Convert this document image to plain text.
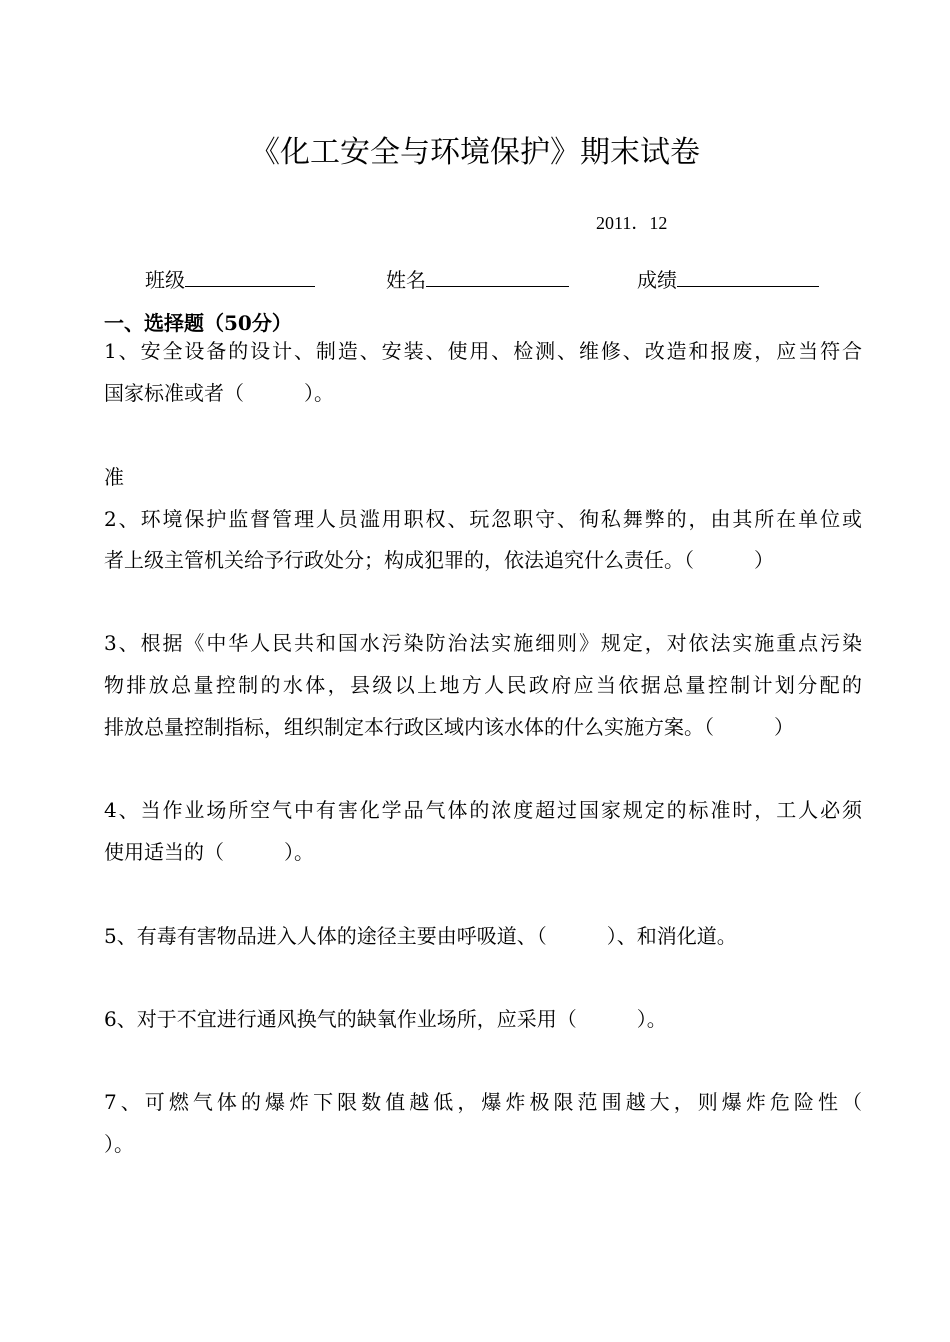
《化工安全与环境保护》期末试卷
2011．12
班级	姓名	成绩
一、选择题（50分）
1、安全设备的设计、制造、安装、使用、检测、维修、改造和报废，应当符合
国家标准或者（　　　）。
准
2、环境保护监督管理人员滥用职权、玩忽职守、徇私舞弊的，由其所在单位或
者上级主管机关给予行政处分；构成犯罪的，依法追究什么责任。（　　　）
3、根据《中华人民共和国水污染防治法实施细则》规定，对依法实施重点污染
物排放总量控制的水体，县级以上地方人民政府应当依据总量控制计划分配的
排放总量控制指标，组织制定本行政区域内该水体的什么实施方案。（　　　）
4、当作业场所空气中有害化学品气体的浓度超过国家规定的标准时，工人必须
使用适当的（　　　）。
5、有毒有害物品进入人体的途径主要由呼吸道、（　　　）、和消化道。
6、对于不宜进行通风换气的缺氧作业场所，应采用（　　　）。
7、可燃气体的爆炸下限数值越低，爆炸极限范围越大，则爆炸危险性（
）。
